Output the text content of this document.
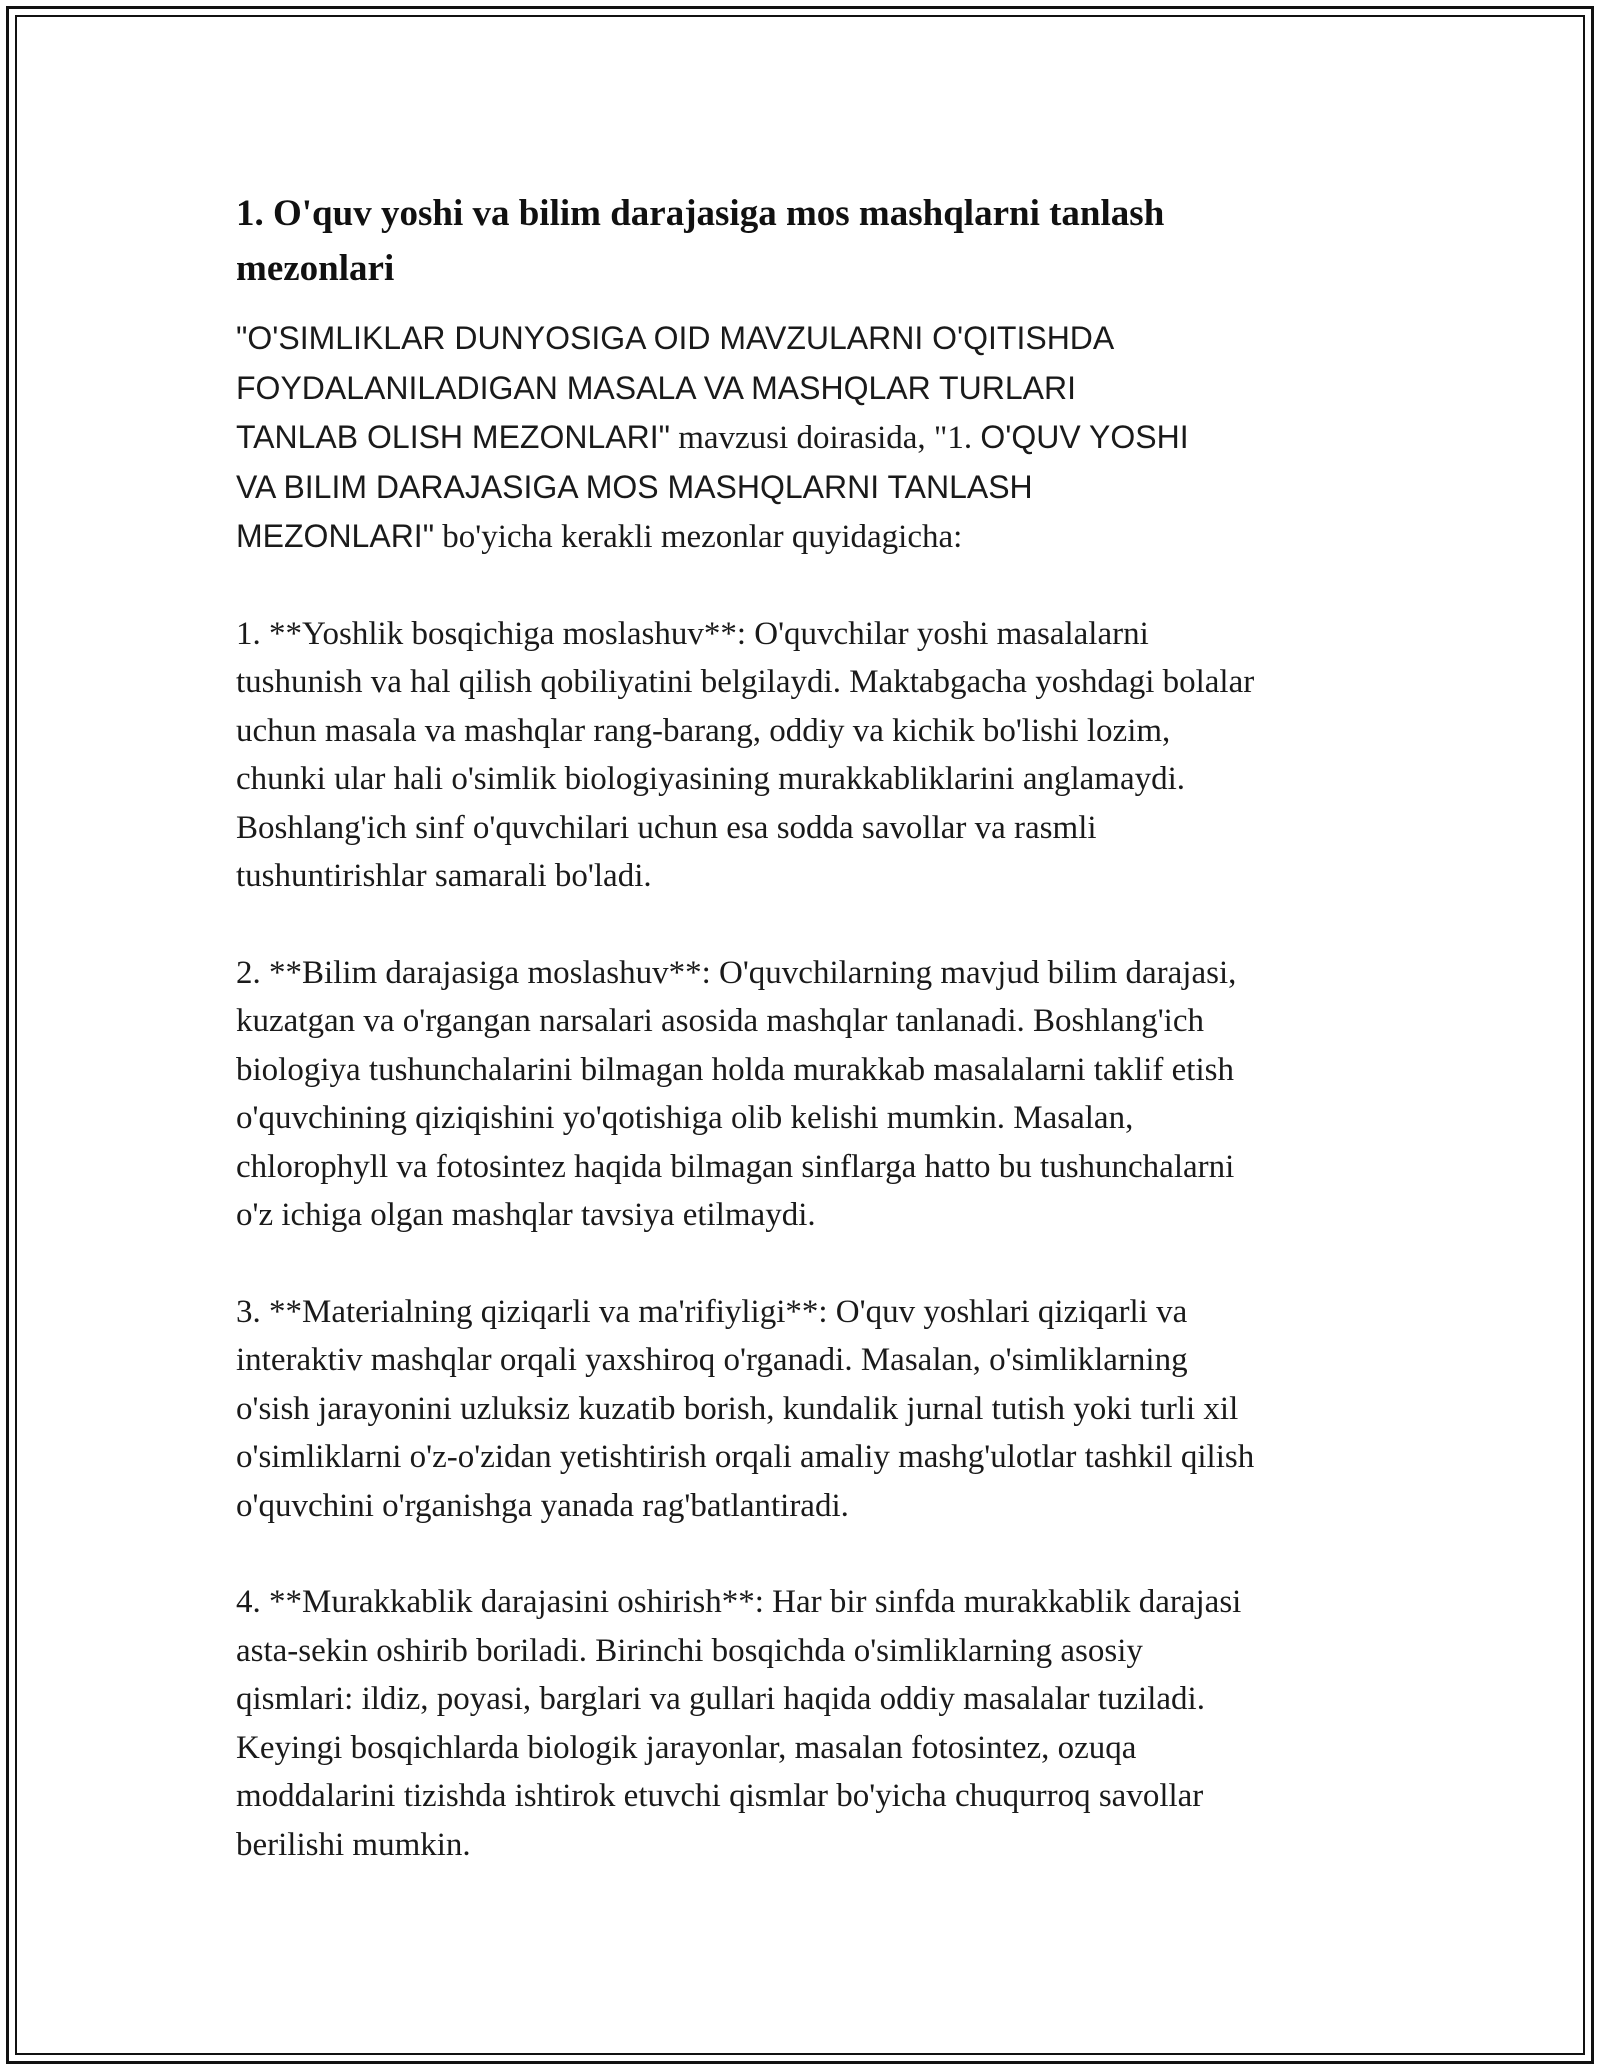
1. O'quv yoshi va bilim darajasiga mos mashqlarni tanlash
mezonlari

"O'SIMLIKLAR DUNYOSIGA OID MAVZULARNI O'QITISHDA
FOYDALANILADIGAN MASALA VA MASHQLAR TURLARI
TANLAB OLISH MEZONLARI" mavzusi doirasida, "1. O'QUV YOSHI
VA BILIM DARAJASIGA MOS MASHQLARNI TANLASH
MEZONLARI" bo'yicha kerakli mezonlar quyidagicha:

1. **Yoshlik bosqichiga moslashuv**: O'quvchilar yoshi masalalarni
tushunish va hal qilish qobiliyatini belgilaydi. Maktabgacha yoshdagi bolalar
uchun masala va mashqlar rang-barang, oddiy va kichik bo'lishi lozim,
chunki ular hali o'simlik biologiyasining murakkabliklarini anglamaydi.
Boshlang'ich sinf o'quvchilari uchun esa sodda savollar va rasmli
tushuntirishlar samarali bo'ladi.

2. **Bilim darajasiga moslashuv**: O'quvchilarning mavjud bilim darajasi,
kuzatgan va o'rgangan narsalari asosida mashqlar tanlanadi. Boshlang'ich
biologiya tushunchalarini bilmagan holda murakkab masalalarni taklif etish
o'quvchining qiziqishini yo'qotishiga olib kelishi mumkin. Masalan,
chlorophyll va fotosintez haqida bilmagan sinflarga hatto bu tushunchalarni
o'z ichiga olgan mashqlar tavsiya etilmaydi.

3. **Materialning qiziqarli va ma'rifiyligi**: O'quv yoshlari qiziqarli va
interaktiv mashqlar orqali yaxshiroq o'rganadi. Masalan, o'simliklarning
o'sish jarayonini uzluksiz kuzatib borish, kundalik jurnal tutish yoki turli xil
o'simliklarni o'z-o'zidan yetishtirish orqali amaliy mashg'ulotlar tashkil qilish
o'quvchini o'rganishga yanada rag'batlantiradi.

4. **Murakkablik darajasini oshirish**: Har bir sinfda murakkablik darajasi
asta-sekin oshirib boriladi. Birinchi bosqichda o'simliklarning asosiy
qismlari: ildiz, poyasi, barglari va gullari haqida oddiy masalalar tuziladi.
Keyingi bosqichlarda biologik jarayonlar, masalan fotosintez, ozuqa
moddalarini tizishda ishtirok etuvchi qismlar bo'yicha chuqurroq savollar
berilishi mumkin.
